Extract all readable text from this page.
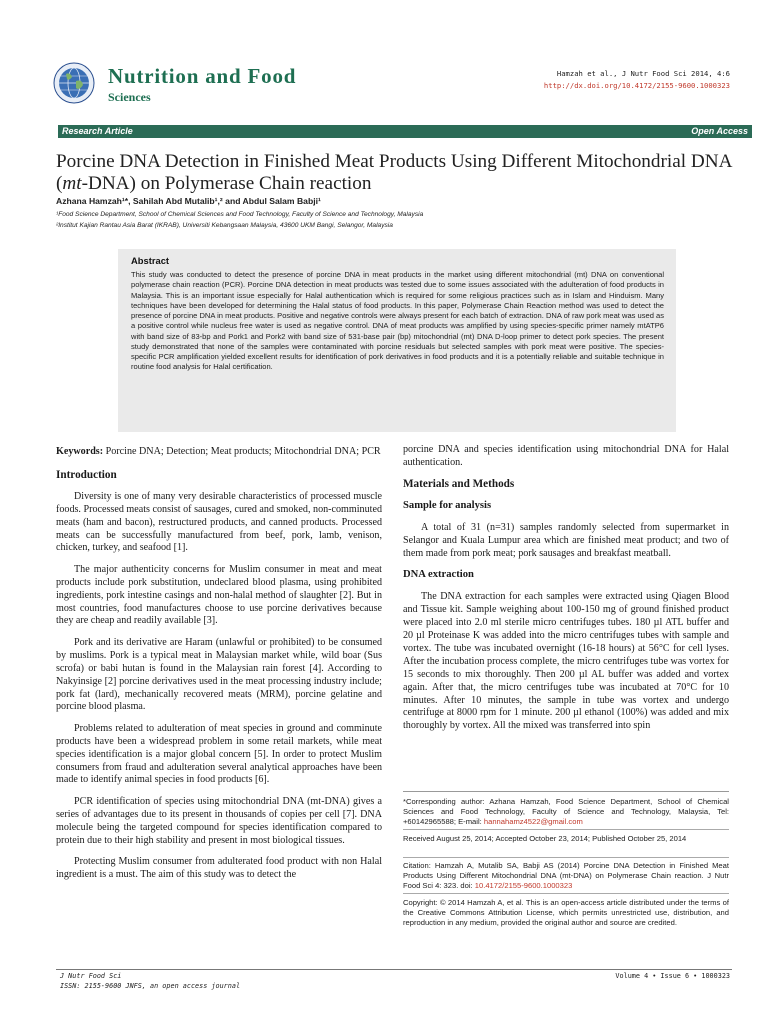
Nutrition and Food
Sciences
Hamzah et al., J Nutr Food Sci 2014, 4:6
http://dx.doi.org/10.4172/2155-9600.1000323
Research Article	Open Access
Porcine DNA Detection in Finished Meat Products Using Different Mitochondrial DNA (mt-DNA) on Polymerase Chain reaction
Azhana Hamzah¹*, Sahilah Abd Mutalib¹,² and Abdul Salam Babji¹
¹Food Science Department, School of Chemical Sciences and Food Technology, Faculty of Science and Technology, Malaysia
²Institut Kajian Rantau Asia Barat (IKRAB), Universiti Kebangsaan Malaysia, 43600 UKM Bangi, Selangor, Malaysia
Abstract

This study was conducted to detect the presence of porcine DNA in meat products in the market using different mitochondrial (mt) DNA on conventional polymerase chain reaction (PCR). Porcine DNA detection in meat products was tested due to some issues associated with the adulteration of food products in Malaysia. This is an important issue especially for Halal authentication which is required for some religious practices such as in Islam and Hinduism. Many techniques have been developed for determining the Halal status of food products. In this paper, Polymerase Chain Reaction method was used to detect the presence of porcine DNA in meat products. Positive and negative controls were always present for each batch of extraction. DNA of raw pork meat was used as a positive control while nucleus free water is used as negative control. DNA of meat products was amplified by using species-specific primer namely mtATP6 with band size of 83-bp and Pork1 and Pork2 with band size of 531-base pair (bp) mitochondrial (mt) DNA D-loop primer to detect pork species. The present study demonstrated that none of the samples were contaminated with porcine residuals but selected samples with pork meat were positive. The species-specific PCR amplification yielded excellent results for identification of pork derivatives in food products and it is a potentially reliable and suitable technique in routine food analysis for Halal certification.

Keywords: Porcine DNA; Detection; Meat products; Mitochondrial DNA; PCR

Introduction

Diversity is one of many very desirable characteristics of processed muscle foods. Processed meats consist of sausages, cured and smoked, non-comminuted meats (ham and bacon), restructured products, and canned products. Processed meats can be successfully manufactured from beef, pork, lamb, venison, chicken, turkey, and seafood [1].

The major authenticity concerns for Muslim consumer in meat and meat products include pork substitution, undeclared blood plasma, using prohibited ingredients, pork intestine casings and non-halal method of slaughter [2]. But in most countries, food manufactures choose to use porcine derivatives because they are cheap and readily available [3].

Pork and its derivative are Haram (unlawful or prohibited) to be consumed by muslims. Pork is a typical meat in Malaysian market while, wild boar (Sus scrofa) or babi hutan is found in the Malaysian rain forest [4]. According to Nakyinsige [2] porcine derivatives used in the meat processing industry include; pork fat (lard), mechanically recovered meats (MRM), porcine gelatine and porcine blood plasma.

Problems related to adulteration of meat species in ground and comminute products have been a widespread problem in some retail markets, while meat species identification is a major global concern [5]. In order to protect Muslim consumers from fraud and adulteration several analytical approaches have been made to identify animal species in food products [6].

PCR identification of species using mitochondrial DNA (mt-DNA) gives a series of advantages due to its present in thousands of copies per cell [7]. DNA molecule being the targeted compound for species identification compared to protein due to their high stability and present in most biological tissues.

Protecting Muslim consumer from adulterated food product with non Halal ingredient is a must. The aim of this study was to detect the

porcine DNA and species identification using mitochondrial DNA for Halal authentication.

Materials and Methods
Sample for analysis

A total of 31 (n=31) samples randomly selected from supermarket in Selangor and Kuala Lumpur area which are finished meat product; and two of them made from pork meat; pork sausages and breakfast meatball.

DNA extraction

The DNA extraction for each samples were extracted using Qiagen Blood and Tissue kit. Sample weighing about 100-150 mg of ground finished product were placed into 2.0 ml sterile micro centrifuges tubes. 180 µl ATL buffer and 20 µl Proteinase K was added into the micro centrifuges tubes with sample and vortex. The tube was incubated overnight (16-18 hours) at 56°C for cell lyses. After the incubation process complete, the micro centrifuges tube was vortex for 15 seconds to mix thoroughly. Then 200 µl AL buffer was added and vortex again. After that, the micro centrifuges tube was incubated at 70°C for 10 minutes. After 10 minutes, the sample in tube was vortex and undergo centrifuge at 8000 rpm for 1 minute. 200 µl ethanol (100%) was added and mix thoroughly by vortex. All the mixed was transferred into spin

*Corresponding author: Azhana Hamzah, Food Science Department, School of Chemical Sciences and Food Technology, Faculty of Science and Technology, Malaysia, Tel: +60142965588; E-mail: hannahamz4522@gmail.com
Received August 25, 2014; Accepted October 23, 2014; Published October 25, 2014
Citation: Hamzah A, Mutalib SA, Babji AS (2014) Porcine DNA Detection in Finished Meat Products Using Different Mitochondrial DNA (mt-DNA) on Polymerase Chain reaction. J Nutr Food Sci 4: 323. doi: 10.4172/2155-9600.1000323
Copyright: © 2014 Hamzah A, et al. This is an open-access article distributed under the terms of the Creative Commons Attribution License, which permits unrestricted use, distribution, and reproduction in any medium, provided the original author and source are credited.
J Nutr Food Sci
ISSN: 2155-9600 JNFS, an open access journal
Volume 4 • Issue 6 • 1000323
